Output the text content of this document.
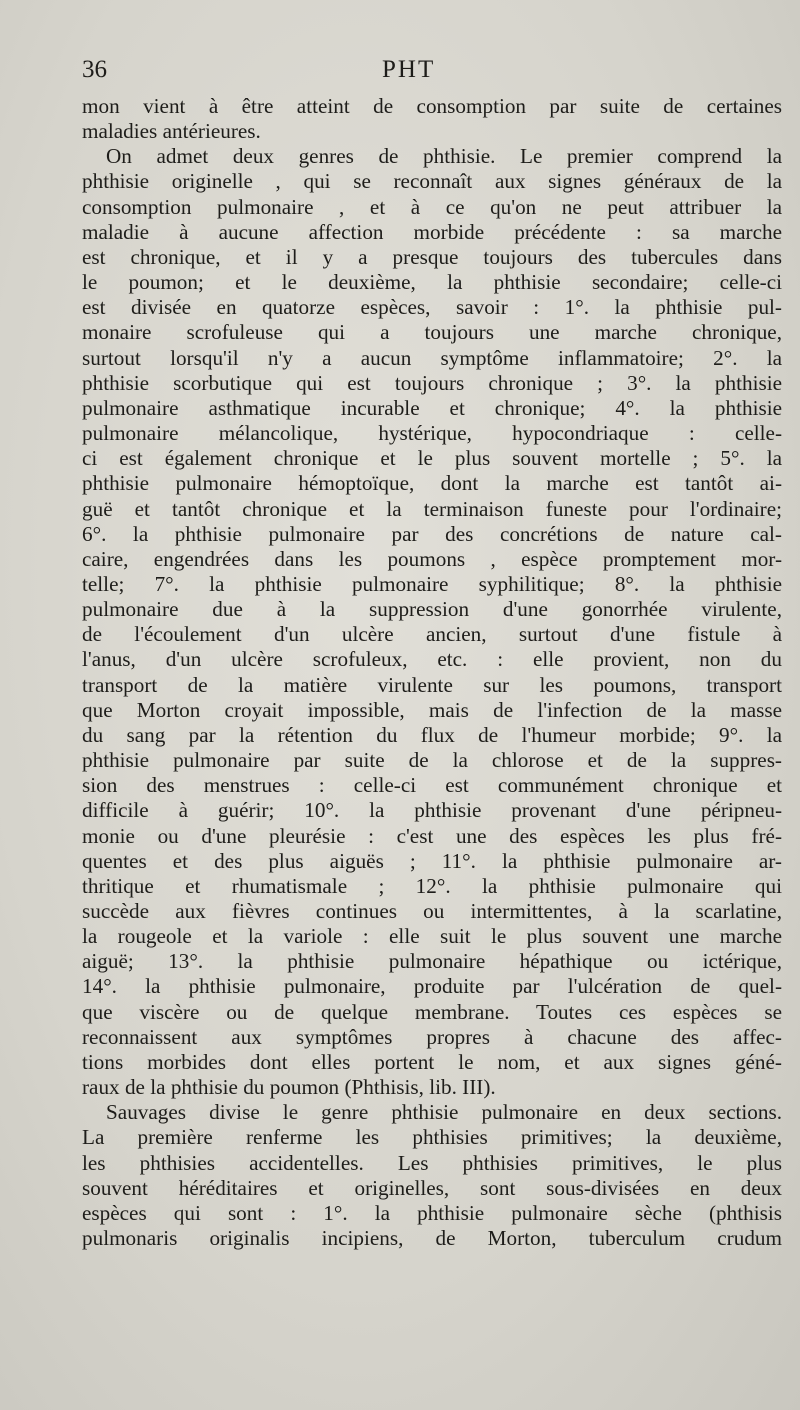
36	PHT
mon vient à être atteint de consomption par suite de certaines
maladies antérieures.
On admet deux genres de phthisie. Le premier comprend la
phthisie originelle , qui se reconnaît aux signes généraux de la
consomption pulmonaire , et à ce qu'on ne peut attribuer la
maladie à aucune affection morbide précédente : sa marche
est chronique, et il y a presque toujours des tubercules dans
le poumon; et le deuxième, la phthisie secondaire; celle-ci
est divisée en quatorze espèces, savoir : 1°. la phthisie pul-
monaire scrofuleuse qui a toujours une marche chronique,
surtout lorsqu'il n'y a aucun symptôme inflammatoire; 2°. la
phthisie scorbutique qui est toujours chronique ; 3°. la phthisie
pulmonaire asthmatique incurable et chronique; 4°. la phthisie
pulmonaire mélancolique, hystérique, hypocondriaque : celle-
ci est également chronique et le plus souvent mortelle ; 5°. la
phthisie pulmonaire hémoptoïque, dont la marche est tantôt ai-
guë et tantôt chronique et la terminaison funeste pour l'ordinaire;
6°. la phthisie pulmonaire par des concrétions de nature cal-
caire, engendrées dans les poumons , espèce promptement mor-
telle; 7°. la phthisie pulmonaire syphilitique; 8°. la phthisie
pulmonaire due à la suppression d'une gonorrhée virulente,
de l'écoulement d'un ulcère ancien, surtout d'une fistule à
l'anus, d'un ulcère scrofuleux, etc. : elle provient, non du
transport de la matière virulente sur les poumons, transport
que Morton croyait impossible, mais de l'infection de la masse
du sang par la rétention du flux de l'humeur morbide; 9°. la
phthisie pulmonaire par suite de la chlorose et de la suppres-
sion des menstrues : celle-ci est communément chronique et
difficile à guérir; 10°. la phthisie provenant d'une péripneu-
monie ou d'une pleurésie : c'est une des espèces les plus fré-
quentes et des plus aiguës ; 11°. la phthisie pulmonaire ar-
thritique et rhumatismale ; 12°. la phthisie pulmonaire qui
succède aux fièvres continues ou intermittentes, à la scarlatine,
la rougeole et la variole : elle suit le plus souvent une marche
aiguë; 13°. la phthisie pulmonaire hépathique ou ictérique,
14°. la phthisie pulmonaire, produite par l'ulcération de quel-
que viscère ou de quelque membrane. Toutes ces espèces se
reconnaissent aux symptômes propres à chacune des affec-
tions morbides dont elles portent le nom, et aux signes géné-
raux de la phthisie du poumon (Phthisis, lib. III).
Sauvages divise le genre phthisie pulmonaire en deux sections.
La première renferme les phthisies primitives; la deuxième,
les phthisies accidentelles. Les phthisies primitives, le plus
souvent héréditaires et originelles, sont sous-divisées en deux
espèces qui sont : 1°. la phthisie pulmonaire sèche (phthisis
pulmonaris originalis incipiens, de Morton, tuberculum crudum
